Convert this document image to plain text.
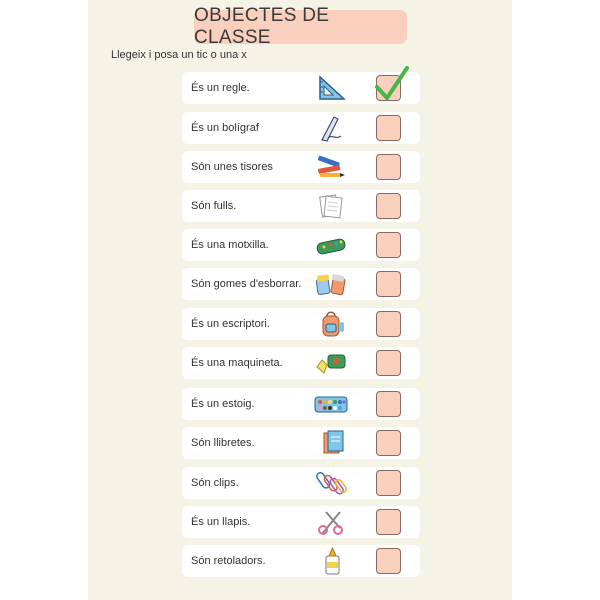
OBJECTES DE CLASSE
Llegeix i posa un tic o una x
És un regle.
És un bolígraf
Són unes tisores
Són fulls.
És una motxilla.
Són gomes d'esborrar.
És un escriptori.
És una maquineta.
És un estoig.
Són llibretes.
Són clips.
És un llapis.
Són retoladors.
